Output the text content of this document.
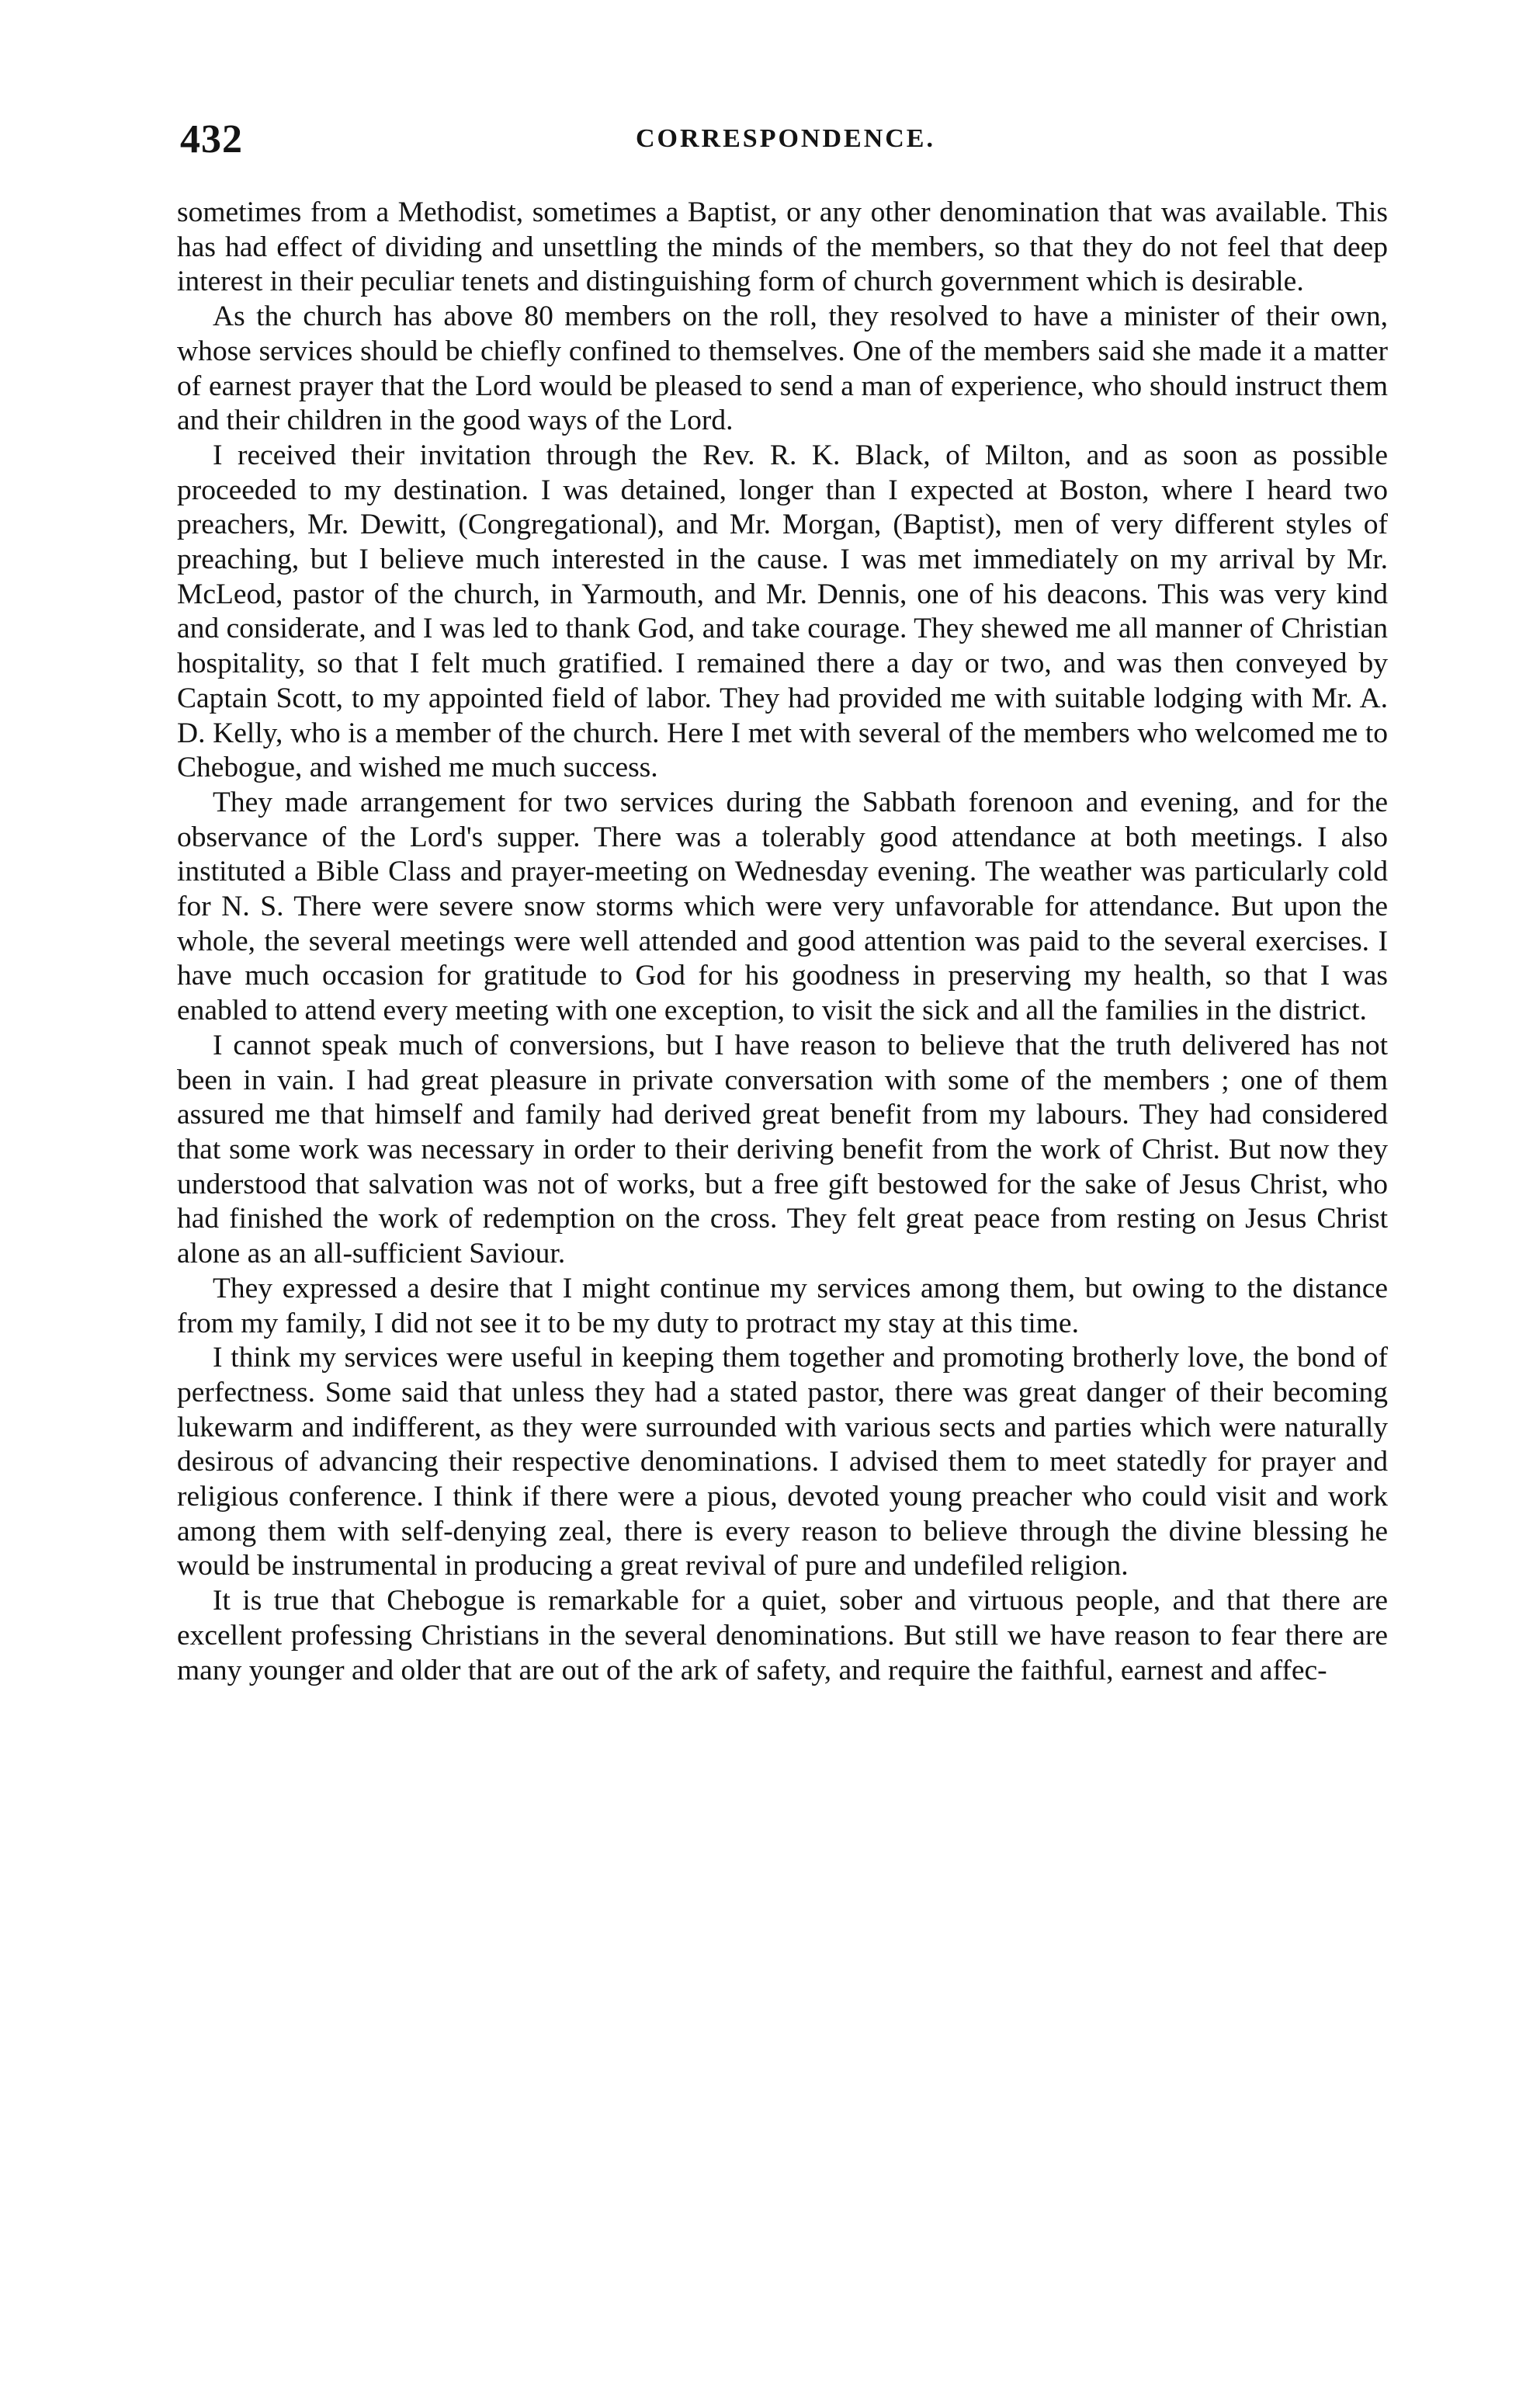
432	CORRESPONDENCE.

sometimes from a Methodist, sometimes a Baptist, or any other denomination that was available. This has had effect of dividing and unsettling the minds of the members, so that they do not feel that deep interest in their peculiar tenets and distinguishing form of church government which is desirable.

As the church has above 80 members on the roll, they resolved to have a minister of their own, whose services should be chiefly confined to themselves. One of the members said she made it a matter of earnest prayer that the Lord would be pleased to send a man of experience, who should instruct them and their children in the good ways of the Lord.

I received their invitation through the Rev. R. K. Black, of Milton, and as soon as possible proceeded to my destination. I was detained, longer than I expected at Boston, where I heard two preachers, Mr. Dewitt, (Congregational), and Mr. Morgan, (Baptist), men of very different styles of preaching, but I believe much interested in the cause. I was met immediately on my arrival by Mr. McLeod, pastor of the church, in Yarmouth, and Mr. Dennis, one of his deacons. This was very kind and considerate, and I was led to thank God, and take courage. They shewed me all manner of Christian hospitality, so that I felt much gratified. I remained there a day or two, and was then conveyed by Captain Scott, to my appointed field of labor. They had provided me with suitable lodging with Mr. A. D. Kelly, who is a member of the church. Here I met with several of the members who welcomed me to Chebogue, and wished me much success.

They made arrangement for two services during the Sabbath forenoon and evening, and for the observance of the Lord's supper. There was a tolerably good attendance at both meetings. I also instituted a Bible Class and prayer-meeting on Wednesday evening. The weather was particularly cold for N. S. There were severe snow storms which were very unfavorable for attendance. But upon the whole, the several meetings were well attended and good attention was paid to the several exercises. I have much occasion for gratitude to God for his goodness in preserving my health, so that I was enabled to attend every meeting with one exception, to visit the sick and all the families in the district.

I cannot speak much of conversions, but I have reason to believe that the truth delivered has not been in vain. I had great pleasure in private conversation with some of the members ; one of them assured me that himself and family had derived great benefit from my labours. They had considered that some work was necessary in order to their deriving benefit from the work of Christ. But now they understood that salvation was not of works, but a free gift bestowed for the sake of Jesus Christ, who had finished the work of redemption on the cross. They felt great peace from resting on Jesus Christ alone as an all-sufficient Saviour.

They expressed a desire that I might continue my services among them, but owing to the distance from my family, I did not see it to be my duty to protract my stay at this time.

I think my services were useful in keeping them together and promoting brotherly love, the bond of perfectness. Some said that unless they had a stated pastor, there was great danger of their becoming lukewarm and indifferent, as they were surrounded with various sects and parties which were naturally desirous of advancing their respective denominations. I advised them to meet statedly for prayer and religious conference. I think if there were a pious, devoted young preacher who could visit and work among them with self-denying zeal, there is every reason to believe through the divine blessing he would be instrumental in producing a great revival of pure and undefiled religion.

It is true that Chebogue is remarkable for a quiet, sober and virtuous people, and that there are excellent professing Christians in the several denominations. But still we have reason to fear there are many younger and older that are out of the ark of safety, and require the faithful, earnest and affec-
